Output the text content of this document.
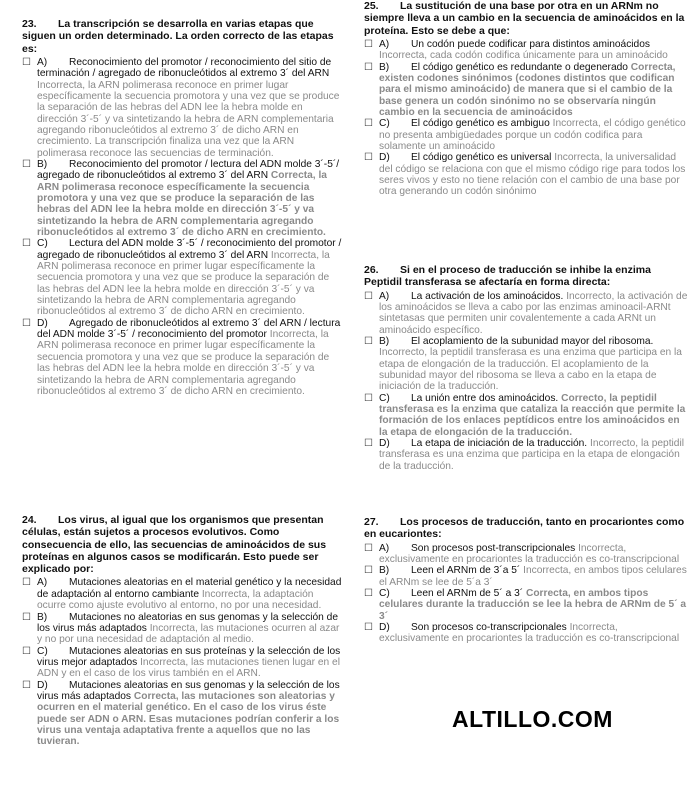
23. La transcripción se desarrolla en varias etapas que siguen un orden determinado. La orden correcto de las etapas es:

☐ A) Reconocimiento del promotor / reconocimiento del sitio de terminación / agregado de ribonucleótidos al extremo 3´ del ARN Incorrecta, la ARN polimerasa reconoce en primer lugar específicamente la secuencia promotora y una vez que se produce la separación de las hebras del ADN lee la hebra molde en dirección 3´-5´ y va sintetizando la hebra de ARN complementaria agregando ribonucleótidos al extremo 3´ de dicho ARN en crecimiento. La transcripción finaliza una vez que la ARN polimerasa reconoce las secuencias de terminación.

☐ B) Reconocimiento del promotor / lectura del ADN molde 3´-5´/ agregado de ribonucleótidos al extremo 3´ del ARN Correcta, la ARN polimerasa reconoce específicamente la secuencia promotora y una vez que se produce la separación de las hebras del ADN lee la hebra molde en dirección 3´-5´ y va sintetizando la hebra de ARN complementaria agregando ribonucleótidos al extremo 3´ de dicho ARN en crecimiento.

☐ C) Lectura del ADN molde 3´-5´ / reconocimiento del promotor / agregado de ribonucleótidos al extremo 3´ del ARN Incorrecta, la ARN polimerasa reconoce en primer lugar específicamente la secuencia promotora y una vez que se produce la separación de las hebras del ADN lee la hebra molde en dirección 3´-5´ y va sintetizando la hebra de ARN complementaria agregando ribonucleótidos al extremo 3´ de dicho ARN en crecimiento.

☐ D) Agregado de ribonucleótidos al extremo 3´ del ARN / lectura del ADN molde 3´-5´ / reconocimiento del promotor Incorrecta, la ARN polimerasa reconoce en primer lugar específicamente la secuencia promotora y una vez que se produce la separación de las hebras del ADN lee la hebra molde en dirección 3´-5´ y va sintetizando la hebra de ARN complementaria agregando ribonucleótidos al extremo 3´ de dicho ARN en crecimiento.

24. Los virus, al igual que los organismos que presentan células, están sujetos a procesos evolutivos. Como consecuencia de ello, las secuencias de aminoácidos de sus proteínas en algunos casos se modificarán. Esto puede ser explicado por:

☐ A) Mutaciones aleatorias en el material genético y la necesidad de adaptación al entorno cambiante Incorrecta, la adaptación ocurre como ajuste evolutivo al entorno, no por una necesidad.

☐ B) Mutaciones no aleatorias en sus genomas y la selección de los virus más adaptados Incorrecta, las mutaciones ocurren al azar y no por una necesidad de adaptación al medio.

☐ C) Mutaciones aleatorias en sus proteínas y la selección de los virus mejor adaptados Incorrecta, las mutaciones tienen lugar en el ADN y en el caso de los virus también en el ARN.

☐ D) Mutaciones aleatorias en sus genomas y la selección de los virus más adaptados Correcta, las mutaciones son aleatorias y ocurren en el material genético. En el caso de los virus éste puede ser ADN o ARN. Esas mutaciones podrían conferir a los virus una ventaja adaptativa frente a aquellos que no las tuvieran.

25. La sustitución de una base por otra en un ARNm no siempre lleva a un cambio en la secuencia de aminoácidos en la proteína. Esto se debe a que:

☐ A) Un codón puede codificar para distintos aminoácidos Incorrecta, cada codón codifica únicamente para un aminoácido

☐ B) El código genético es redundante o degenerado Correcta, existen codones sinónimos (codones distintos que codifican para el mismo aminoácido) de manera que si el cambio de la base genera un codón sinónimo no se observaría ningún cambio en la secuencia de aminoácidos

☐ C) El código genético es ambiguo Incorrecta, el código genético no presenta ambigüedades porque un codón codifica para solamente un aminoácido

☐ D) El código genético es universal Incorrecta, la universalidad del código se relaciona con que el mismo código rige para todos los seres vivos y esto no tiene relación con el cambio de una base por otra generando un codón sinónimo

26. Si en el proceso de traducción se inhibe la enzima Peptidil transferasa se afectaría en forma directa:

☐ A) La activación de los aminoácidos. Incorrecto, la activación de los aminoácidos se lleva a cabo por las enzimas aminoacil-ARNt sintetasas que permiten unir covalentemente a cada ARNt un aminoácido específico.

☐ B) El acoplamiento de la subunidad mayor del ribosoma. Incorrecto, la peptidil transferasa es una enzima que participa en la etapa de elongación de la traducción. El acoplamiento de la subunidad mayor del ribosoma se lleva a cabo en la etapa de iniciación de la traducción.

☐ C) La unión entre dos aminoácidos. Correcto, la peptidil transferasa es la enzima que cataliza la reacción que permite la formación de los enlaces peptídicos entre los aminoácidos en la etapa de elongación de la traducción.

☐ D) La etapa de iniciación de la traducción. Incorrecto, la peptidil transferasa es una enzima que participa en la etapa de elongación de la traducción.

27. Los procesos de traducción, tanto en procariontes como en eucariontes:

☐ A) Son procesos post-transcripcionales Incorrecta, exclusivamente en procariontes la traducción es co-transcripcional

☐ B) Leen el ARNm de 3´a 5´ Incorrecta, en ambos tipos celulares el ARNm se lee de 5´a 3´

☐ C) Leen el ARNm de 5´ a 3´ Correcta, en ambos tipos celulares durante la traducción se lee la hebra de ARNm de 5´ a 3´

☐ D) Son procesos co-transcripcionales Incorrecta, exclusivamente en procariontes la traducción es co-transcripcional

ALTILLO.COM
